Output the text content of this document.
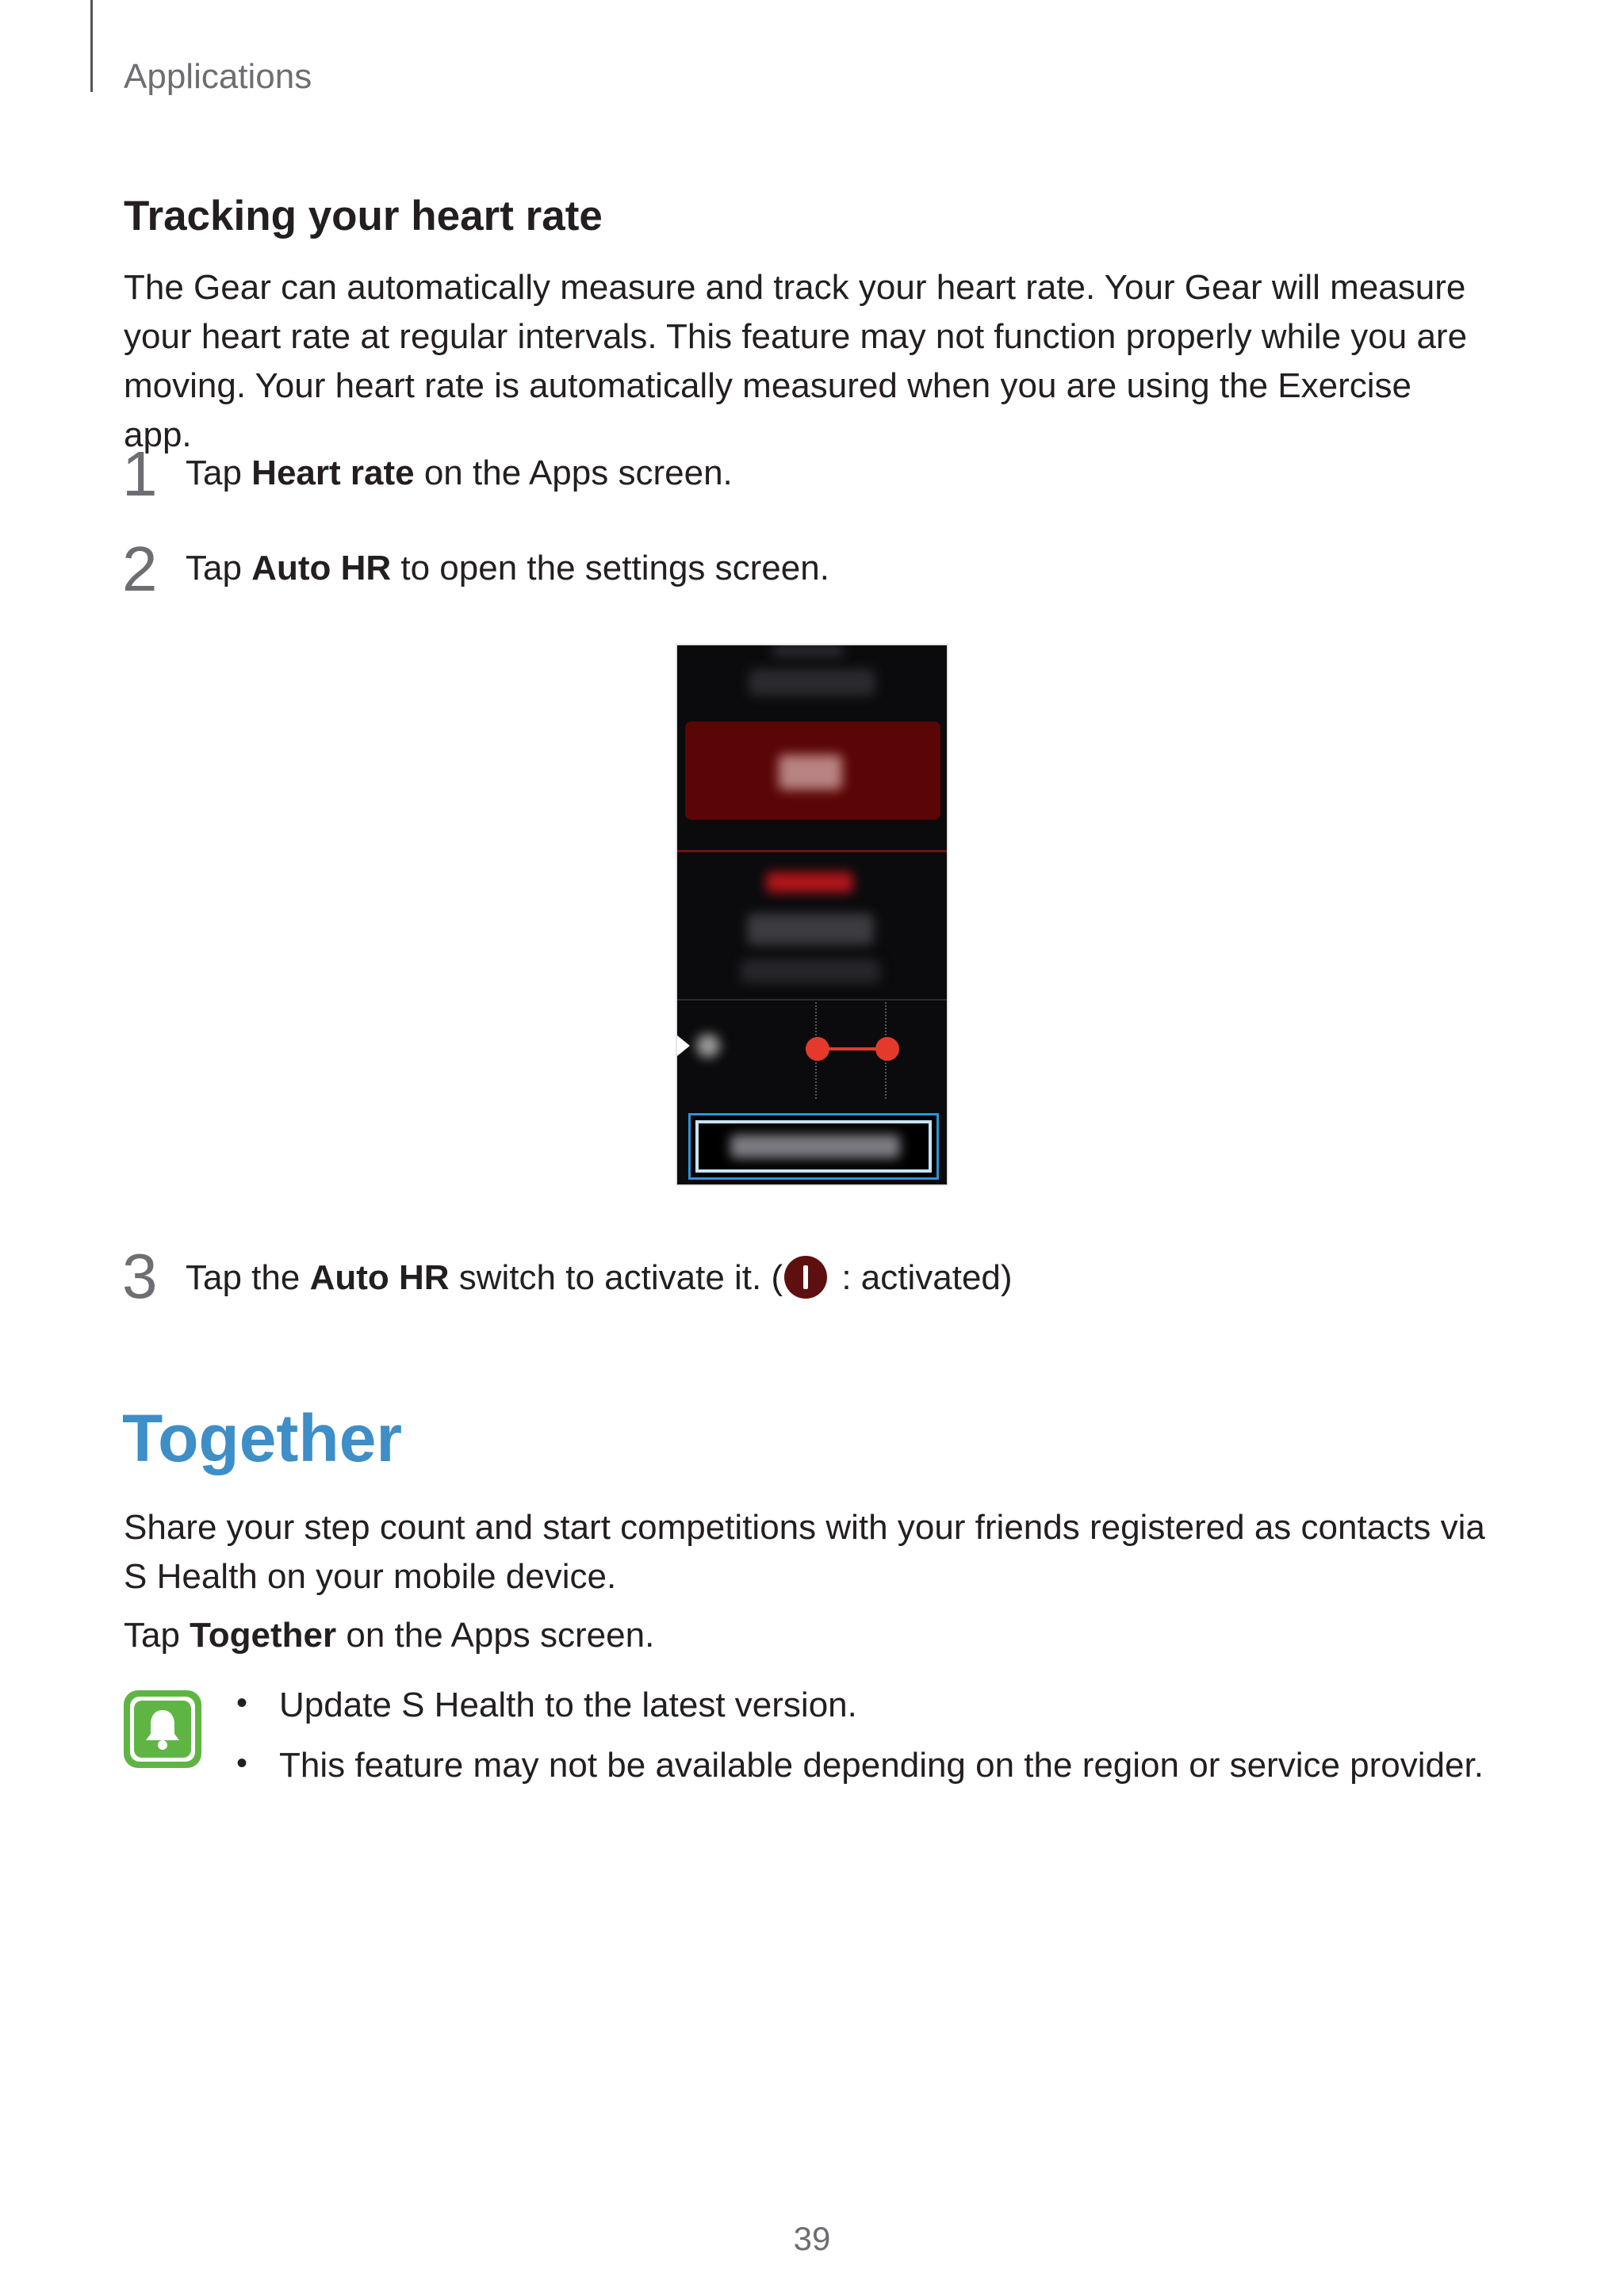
Applications
Tracking your heart rate
The Gear can automatically measure and track your heart rate. Your Gear will measure your heart rate at regular intervals. This feature may not function properly while you are moving. Your heart rate is automatically measured when you are using the Exercise app.
1 Tap Heart rate on the Apps screen.
2 Tap Auto HR to open the settings screen.
3 Tap the Auto HR switch to activate it. ( : activated)
Together
Share your step count and start competitions with your friends registered as contacts via S Health on your mobile device.
Tap Together on the Apps screen.
• Update S Health to the latest version.
• This feature may not be available depending on the region or service provider.
39
